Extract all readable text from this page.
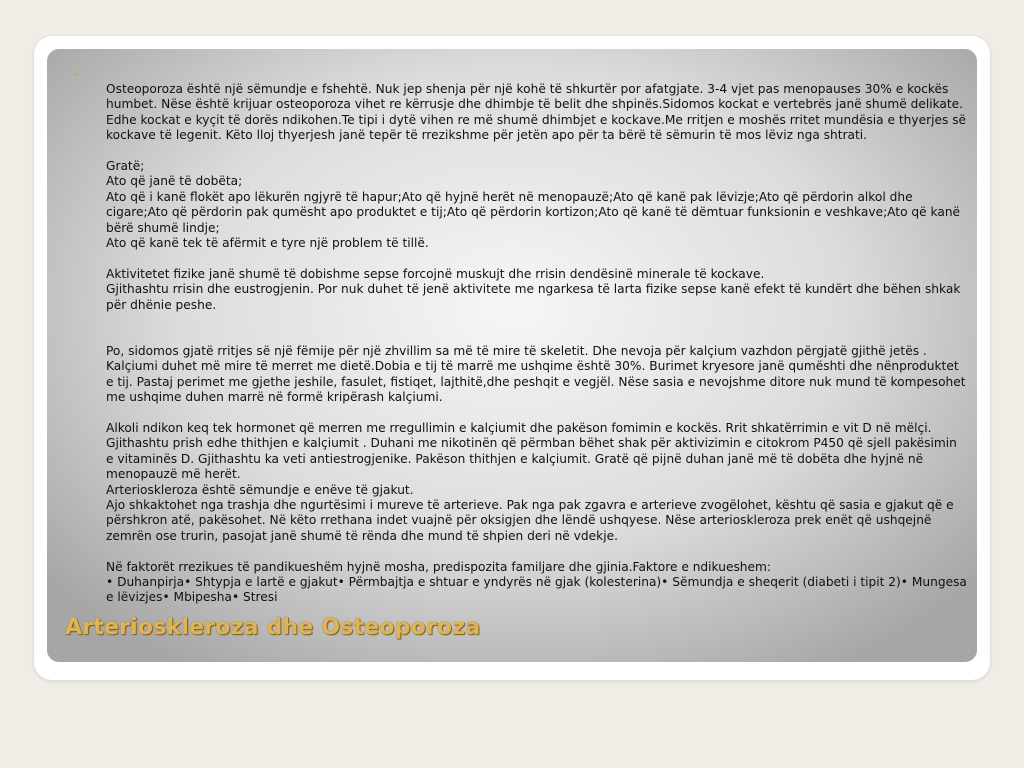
•

Osteoporoza është një sëmundje e fshehtë. Nuk jep shenja për një kohë të shkurtër por afatgjate. 3-4 vjet pas menopauses 30% e kockës humbet. Nëse është krijuar osteoporoza vihet re kërrusje dhe dhimbje të belit dhe shpinës.Sidomos kockat e vertebrës janë shumë delikate. Edhe kockat e kyçit të dorës ndikohen.Te tipi i dytë vihen re më shumë dhimbjet e kockave.Me rritjen e moshës rritet mundësia e thyerjes së kockave të legenit. Këto lloj thyerjesh janë tepër të rrezikshme për jetën apo për ta bërë të sëmurin të mos lëviz nga shtrati.

Gratë;

Ato që janë të dobëta;

Ato që i kanë flokët apo lëkurën ngjyrë të hapur;Ato që hyjnë herët në menopauzë;Ato që kanë pak lëvizje;Ato që përdorin alkol dhe cigare;Ato që përdorin pak qumësht apo produktet e tij;Ato që përdorin kortizon;Ato që kanë të dëmtuar funksionin e veshkave;Ato që kanë bërë shumë lindje;

Ato që kanë tek të afërmit e tyre një problem të tillë.

Aktivitetet fizike janë shumë të dobishme sepse forcojnë muskujt dhe rrisin dendësinë minerale të kockave.

Gjithashtu rrisin dhe eustrogjenin. Por nuk duhet të jenë aktivitete me ngarkesa të larta fizike sepse kanë efekt të kundërt dhe bëhen shkak për dhënie peshe.

Po, sidomos gjatë rritjes së një fëmije për një zhvillim sa më të mire të skeletit. Dhe nevoja për kalçium vazhdon përgjatë gjithë jetës . Kalçiumi duhet më mire të merret me dietë.Dobia e tij të marrë me ushqime është 30%. Burimet kryesore janë qumështi dhe nënproduktet e tij. Pastaj perimet me gjethe jeshile, fasulet, fistiqet, lajthitë,dhe peshqit e vegjël. Nëse sasia e nevojshme ditore nuk mund të kompesohet me ushqime duhen marrë në formë kripërash kalçiumi.

Alkoli ndikon keq tek hormonet që merren me rregullimin e kalçiumit dhe pakëson fomimin e kockës. Rrit shkatërrimin e vit D në mëlçi. Gjithashtu prish edhe thithjen e kalçiumit . Duhani me nikotinën që përmban bëhet shak për aktivizimin e citokrom P450 që sjell pakësimin e vitaminës D. Gjithashtu ka veti antiestrogjenike. Pakëson thithjen e kalçiumit. Gratë që pijnë duhan janë më të dobëta dhe hyjnë në menopauzë më herët.

Arterioskleroza është sëmundje e enëve të gjakut.

Ajo shkaktohet nga trashja dhe ngurtësimi i mureve të arterieve. Pak nga pak zgavra e arterieve zvogëlohet, kështu që sasia e gjakut që e përshkron atë, pakësohet. Në këto rrethana indet vuajnë për oksigjen dhe lëndë ushqyese. Nëse arterioskleroza prek enët që ushqejnë zemrën ose trurin, pasojat janë shumë të rënda dhe mund të shpien deri në vdekje.

Në faktorët rrezikues të pandikueshëm hyjnë mosha, predispozita familjare dhe gjinia.Faktore e ndikueshem:

• Duhanpirja• Shtypja e lartë e gjakut• Përmbajtja e shtuar e yndyrës në gjak (kolesterina)• Sëmundja e sheqerit (diabeti i tipit 2)• Mungesa e lëvizjes• Mbipesha• Stresi

Arterioskleroza dhe Osteoporoza
